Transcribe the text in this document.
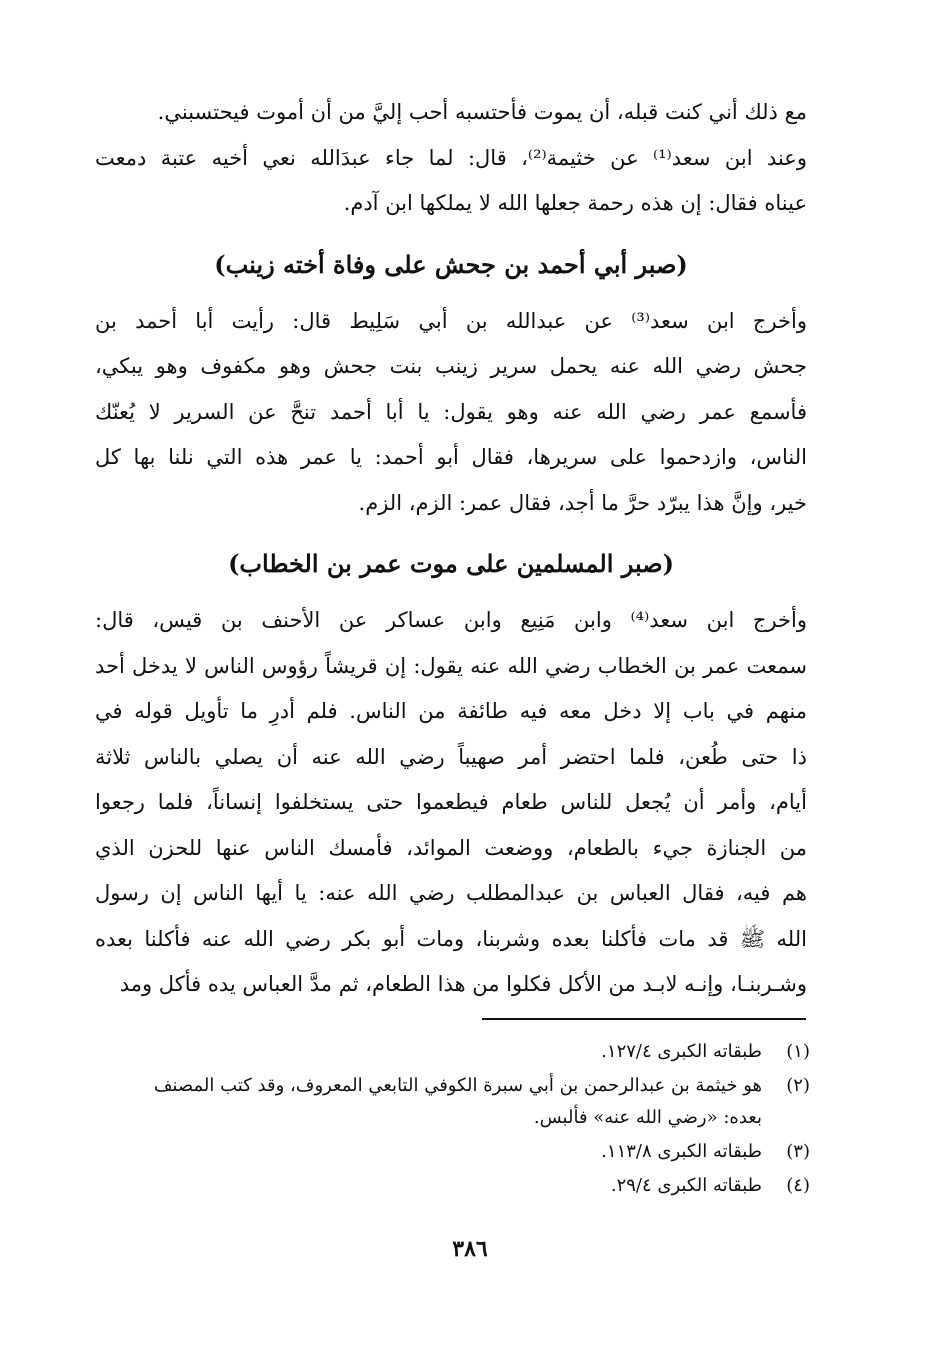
مع ذلك أني كنت قبله، أن يموت فأحتسبه أحب إليَّ من أن أموت فيحتسبني.

وعند ابن سعد⁽¹⁾ عن خثيمة⁽²⁾، قال: لما جاء عبدَالله نعي أخيه عتبة دمعت
عيناه فقال: إن هذه رحمة جعلها الله لا يملكها ابن آدم.

(صبر أبي أحمد بن جحش على وفاة أخته زينب)

وأخرج ابن سعد⁽³⁾ عن عبدالله بن أبي سَلِيط قال: رأيت أبا أحمد بن
جحش رضي الله عنه يحمل سرير زينب بنت جحش وهو مكفوف وهو يبكي،
فأسمع عمر رضي الله عنه وهو يقول: يا أبا أحمد تنحَّ عن السرير لا يُعنّك
الناس، وازدحموا على سريرها، فقال أبو أحمد: يا عمر هذه التي نلنا بها كل
خير، وإنَّ هذا يبرّد حرَّ ما أجد، فقال عمر: الزم، الزم.

(صبر المسلمين على موت عمر بن الخطاب)

وأخرج ابن سعد⁽⁴⁾ وابن مَنِيع وابن عساكر عن الأحنف بن قيس، قال:
سمعت عمر بن الخطاب رضي الله عنه يقول: إن قريشاً رؤوس الناس لا يدخل أحد
منهم في باب إلا دخل معه فيه طائفة من الناس. فلم أدرِ ما تأويل قوله في
ذا حتى طُعن، فلما احتضر أمر صهيباً رضي الله عنه أن يصلي بالناس ثلاثة
أيام، وأمر أن يُجعل للناس طعام فيطعموا حتى يستخلفوا إنساناً، فلما رجعوا
من الجنازة جيء بالطعام، ووضعت الموائد، فأمسك الناس عنها للحزن الذي
هم فيه، فقال العباس بن عبدالمطلب رضي الله عنه: يا أيها الناس إن رسول
الله ﷺ قد مات فأكلنا بعده وشربنا، ومات أبو بكر رضي الله عنه فأكلنا بعده
وشـربنـا، وإنـه لابـد من الأكل فكلوا من هذا الطعام، ثم مدَّ العباس يده فأكل ومد

(١)
طبقاته الكبرى ١٢٧/٤.
(٢)
هو خيثمة بن عبدالرحمن بن أبي سبرة الكوفي التابعي المعروف، وقد كتب المصنف بعده: «رضي الله عنه» فألبس.
(٣)
طبقاته الكبرى ١١٣/٨.
(٤)
طبقاته الكبرى ٢٩/٤.
٣٨٦
